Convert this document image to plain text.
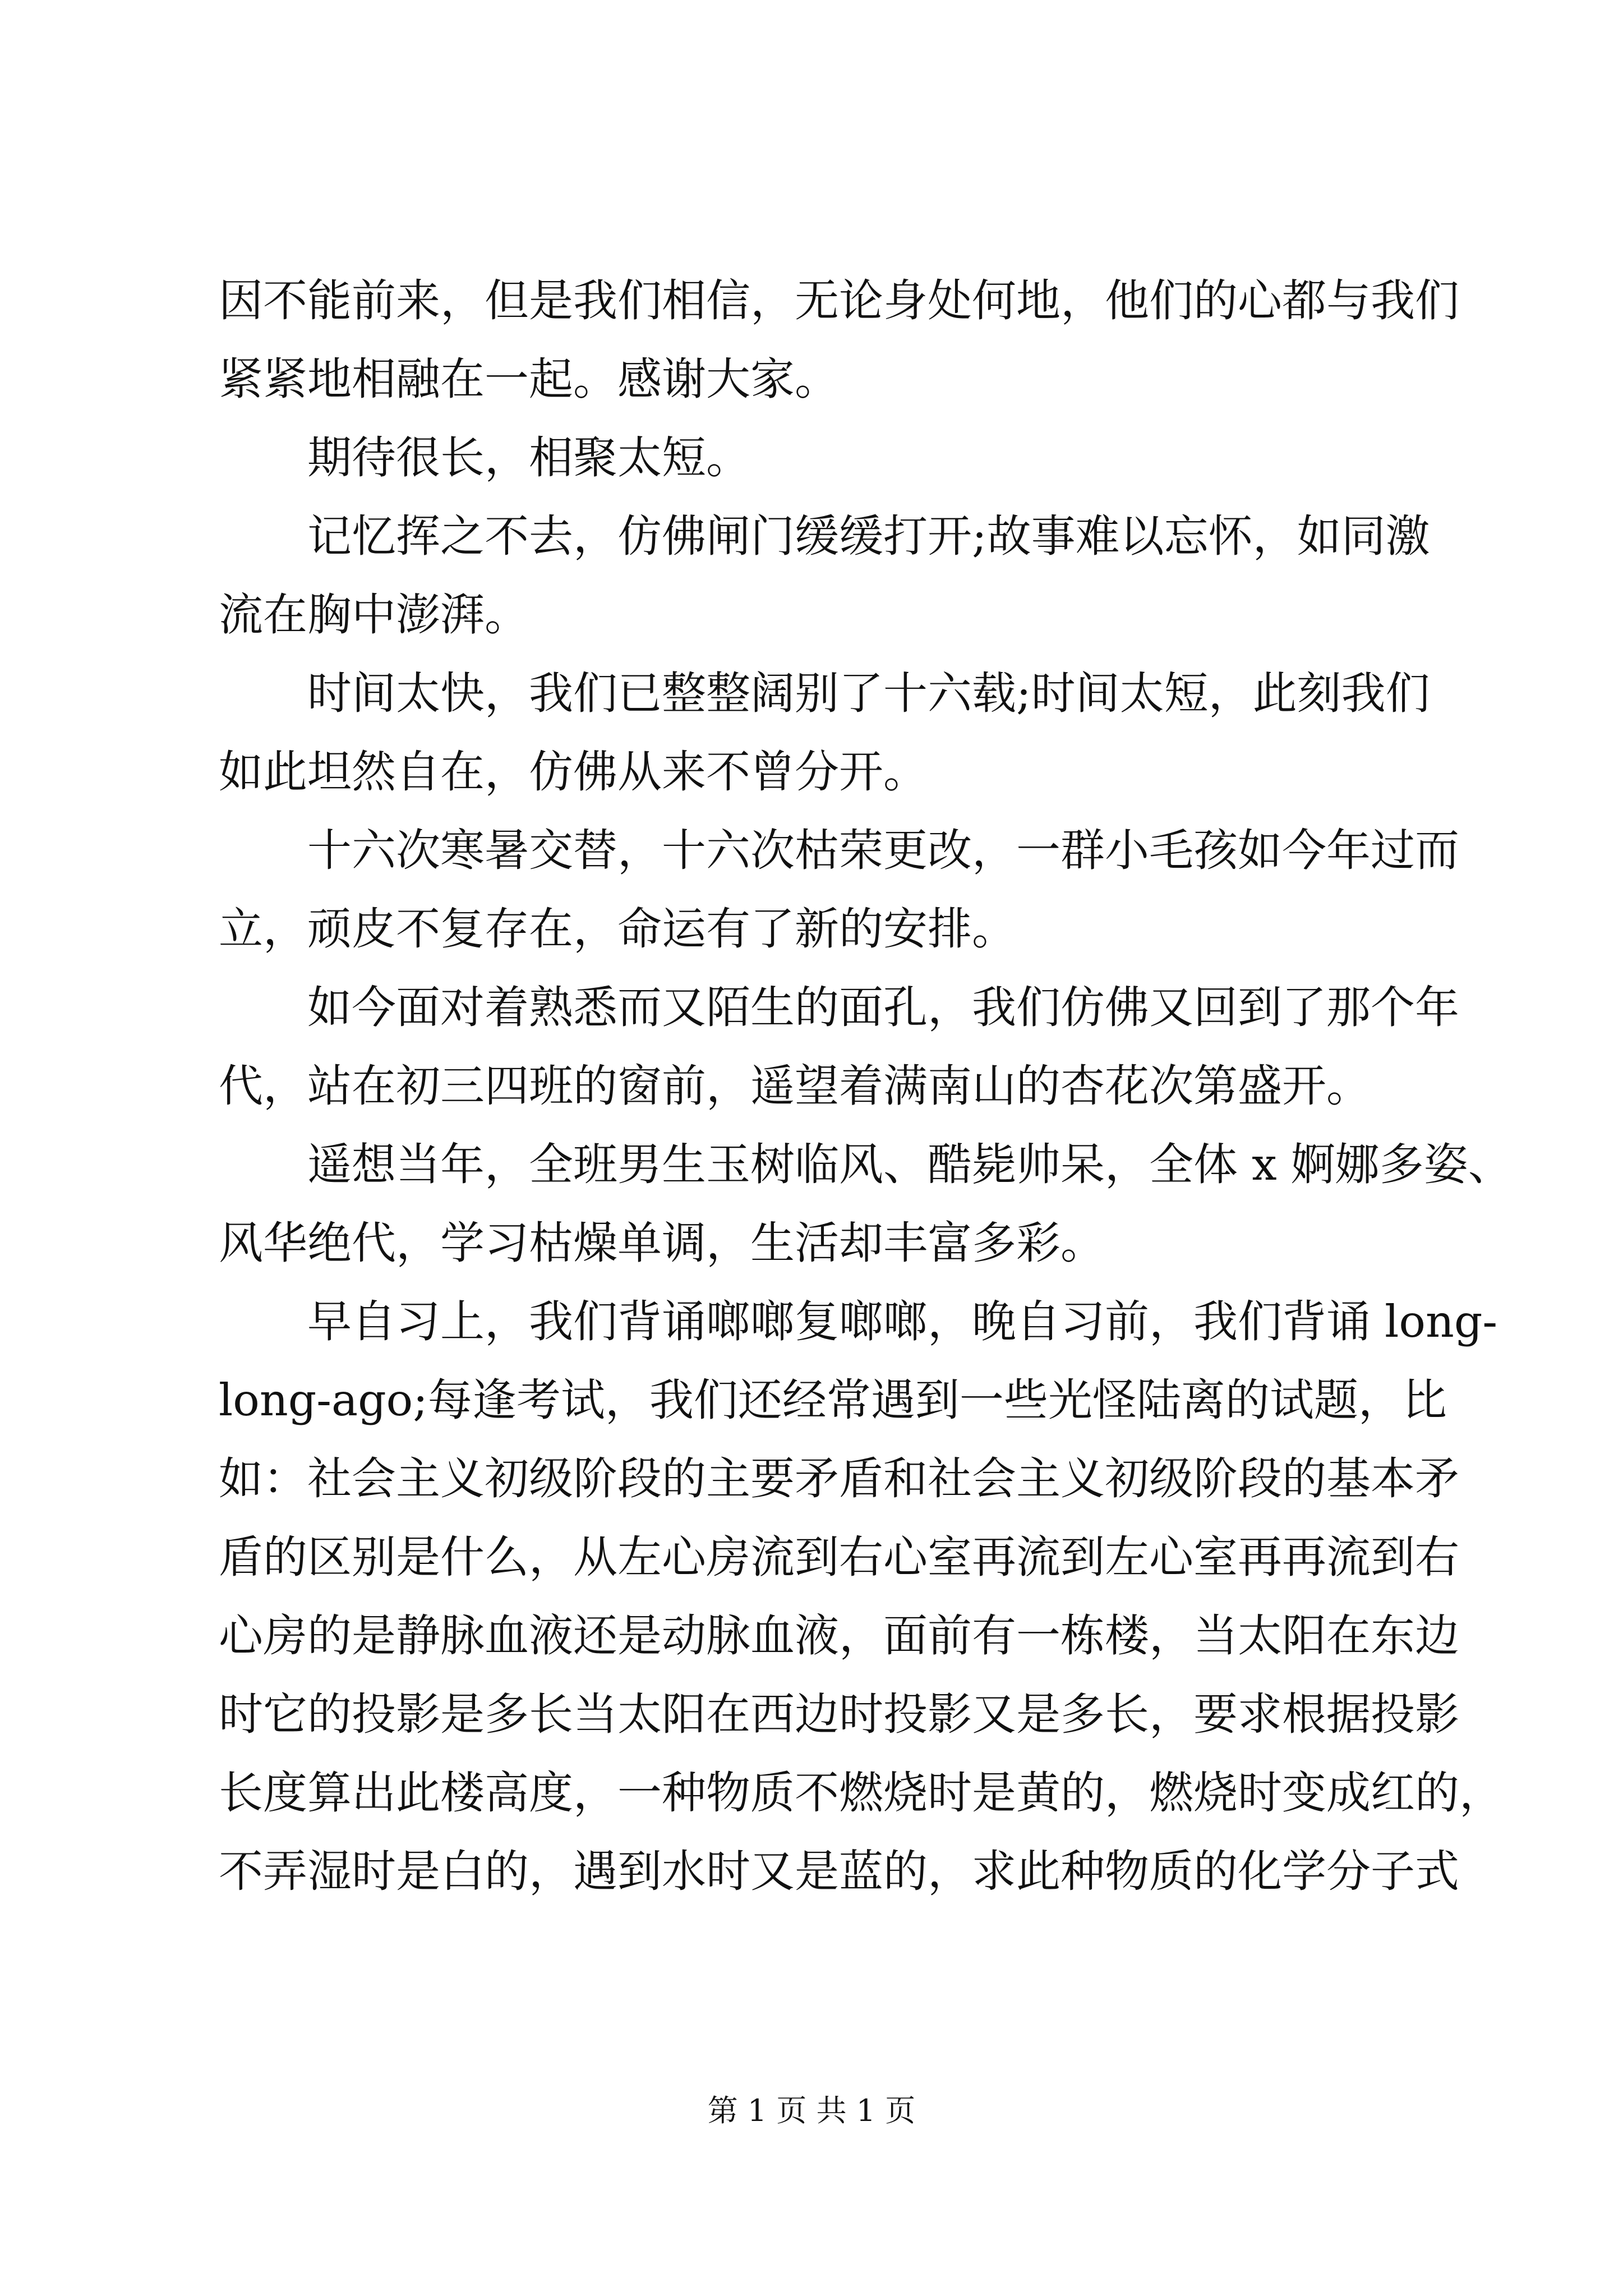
因不能前来，但是我们相信，无论身处何地，他们的心都与我们
紧紧地相融在一起。感谢大家。
期待很长，相聚太短。
记忆挥之不去，仿佛闸门缓缓打开;故事难以忘怀，如同激
流在胸中澎湃。
时间太快，我们已整整阔别了十六载;时间太短，此刻我们
如此坦然自在，仿佛从来不曾分开。
十六次寒暑交替，十六次枯荣更改，一群小毛孩如今年过而
立，顽皮不复存在，命运有了新的安排。
如今面对着熟悉而又陌生的面孔，我们仿佛又回到了那个年
代，站在初三四班的窗前，遥望着满南山的杏花次第盛开。
遥想当年，全班男生玉树临风、酷毙帅呆，全体 x 婀娜多姿、
风华绝代，学习枯燥单调，生活却丰富多彩。
早自习上，我们背诵啷啷复啷啷，晚自习前，我们背诵 long-
long-ago;每逢考试，我们还经常遇到一些光怪陆离的试题，比
如：社会主义初级阶段的主要矛盾和社会主义初级阶段的基本矛
盾的区别是什么，从左心房流到右心室再流到左心室再再流到右
心房的是静脉血液还是动脉血液，面前有一栋楼，当太阳在东边
时它的投影是多长当太阳在西边时投影又是多长，要求根据投影
长度算出此楼高度，一种物质不燃烧时是黄的，燃烧时变成红的，
不弄湿时是白的，遇到水时又是蓝的，求此种物质的化学分子式
第 1 页 共 1 页
